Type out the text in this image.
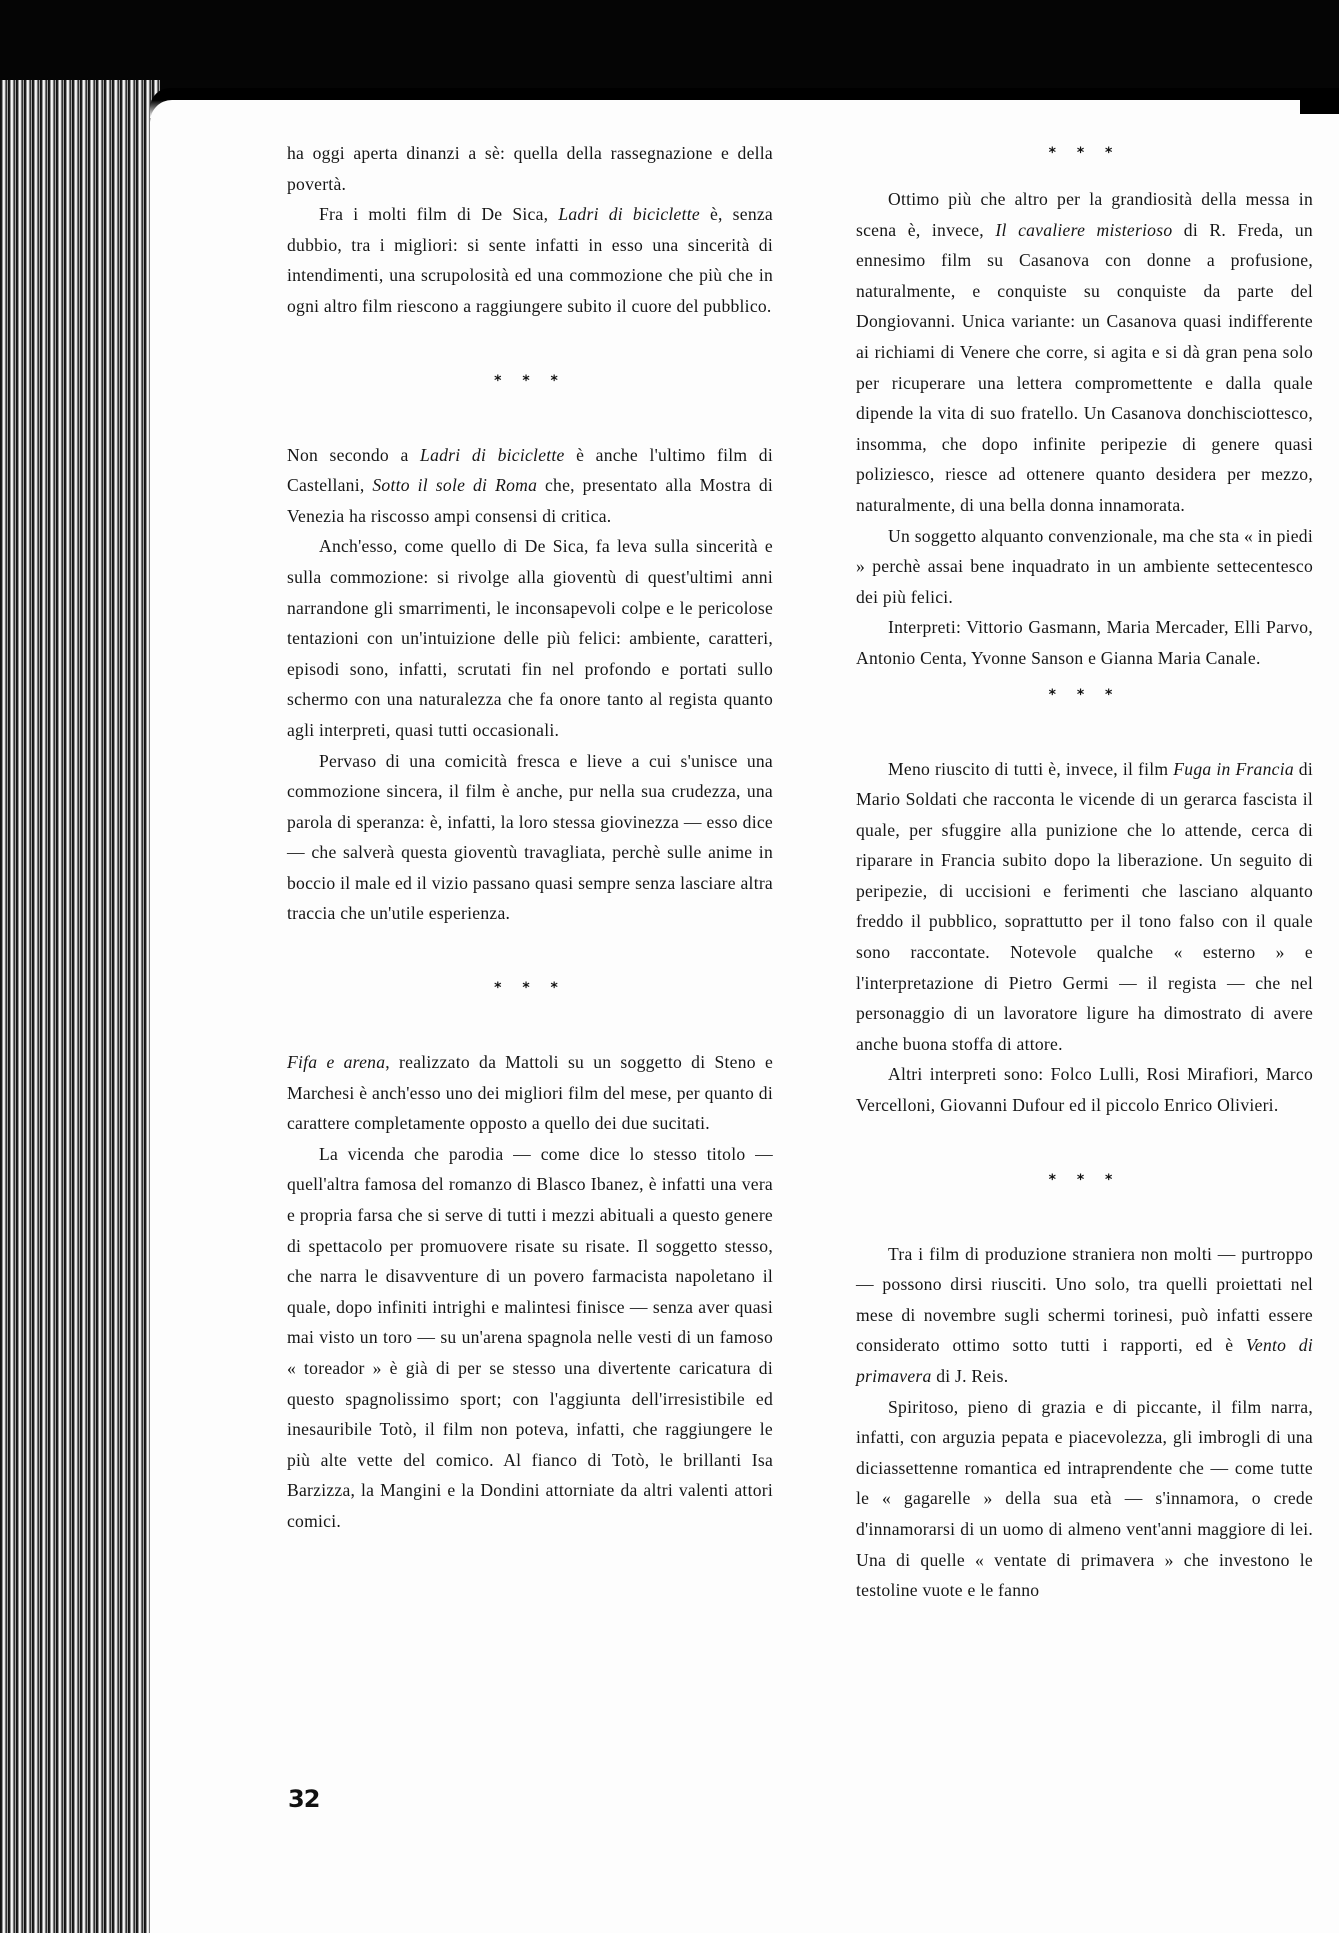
ha oggi aperta dinanzi a sè: quella della rassegnazione e della povertà.

Fra i molti film di De Sica, Ladri di biciclette è, senza dubbio, tra i migliori: si sente infatti in esso una sincerità di intendimenti, una scrupolosità ed una commozione che più che in ogni altro film riescono a raggiungere subito il cuore del pubblico.

* * *

Non secondo a Ladri di biciclette è anche l'ultimo film di Castellani, Sotto il sole di Roma che, presentato alla Mostra di Venezia ha riscosso ampi consensi di critica.

Anch'esso, come quello di De Sica, fa leva sulla sincerità e sulla commozione: si rivolge alla gioventù di quest'ultimi anni narrandone gli smarrimenti, le inconsapevoli colpe e le pericolose tentazioni con un'intuizione delle più felici: ambiente, caratteri, episodi sono, infatti, scrutati fin nel profondo e portati sullo schermo con una naturalezza che fa onore tanto al regista quanto agli interpreti, quasi tutti occasionali.

Pervaso di una comicità fresca e lieve a cui s'unisce una commozione sincera, il film è anche, pur nella sua crudezza, una parola di speranza: è, infatti, la loro stessa giovinezza — esso dice — che salverà questa gioventù travagliata, perchè sulle anime in boccio il male ed il vizio passano quasi sempre senza lasciare altra traccia che un'utile esperienza.

* * *

Fifa e arena, realizzato da Mattoli su un soggetto di Steno e Marchesi è anch'esso uno dei migliori film del mese, per quanto di carattere completamente opposto a quello dei due sucitati.

La vicenda che parodia — come dice lo stesso titolo — quell'altra famosa del romanzo di Blasco Ibanez, è infatti una vera e propria farsa che si serve di tutti i mezzi abituali a questo genere di spettacolo per promuovere risate su risate. Il soggetto stesso, che narra le disavventure di un povero farmacista napoletano il quale, dopo infiniti intrighi e malintesi finisce — senza aver quasi mai visto un toro — su un'arena spagnola nelle vesti di un famoso « toreador » è già di per se stesso una divertente caricatura di questo spagnolissimo sport; con l'aggiunta dell'irresistibile ed inesauribile Totò, il film non poteva, infatti, che raggiungere le più alte vette del comico. Al fianco di Totò, le brillanti Isa Barzizza, la Mangini e la Dondini attorniate da altri valenti attori comici.

* * *

Ottimo più che altro per la grandiosità della messa in scena è, invece, Il cavaliere misterioso di R. Freda, un ennesimo film su Casanova con donne a profusione, naturalmente, e conquiste su conquiste da parte del Dongiovanni. Unica variante: un Casanova quasi indifferente ai richiami di Venere che corre, si agita e si dà gran pena solo per ricuperare una lettera compromettente e dalla quale dipende la vita di suo fratello. Un Casanova donchisciottesco, insomma, che dopo infinite peripezie di genere quasi poliziesco, riesce ad ottenere quanto desidera per mezzo, naturalmente, di una bella donna innamorata.

Un soggetto alquanto convenzionale, ma che sta « in piedi » perchè assai bene inquadrato in un ambiente settecentesco dei più felici.

Interpreti: Vittorio Gasmann, Maria Mercader, Elli Parvo, Antonio Centa, Yvonne Sanson e Gianna Maria Canale.

* * *

Meno riuscito di tutti è, invece, il film Fuga in Francia di Mario Soldati che racconta le vicende di un gerarca fascista il quale, per sfuggire alla punizione che lo attende, cerca di riparare in Francia subito dopo la liberazione. Un seguito di peripezie, di uccisioni e ferimenti che lasciano alquanto freddo il pubblico, soprattutto per il tono falso con il quale sono raccontate. Notevole qualche « esterno » e l'interpretazione di Pietro Germi — il regista — che nel personaggio di un lavoratore ligure ha dimostrato di avere anche buona stoffa di attore.

Altri interpreti sono: Folco Lulli, Rosi Mirafiori, Marco Vercelloni, Giovanni Dufour ed il piccolo Enrico Olivieri.

* * *

Tra i film di produzione straniera non molti — purtroppo — possono dirsi riusciti. Uno solo, tra quelli proiettati nel mese di novembre sugli schermi torinesi, può infatti essere considerato ottimo sotto tutti i rapporti, ed è Vento di primavera di J. Reis.

Spiritoso, pieno di grazia e di piccante, il film narra, infatti, con arguzia pepata e piacevolezza, gli imbrogli di una diciassettenne romantica ed intraprendente che — come tutte le « gagarelle » della sua età — s'innamora, o crede d'innamorarsi di un uomo di almeno vent'anni maggiore di lei. Una di quelle « ventate di primavera » che investono le testoline vuote e le fanno

32
